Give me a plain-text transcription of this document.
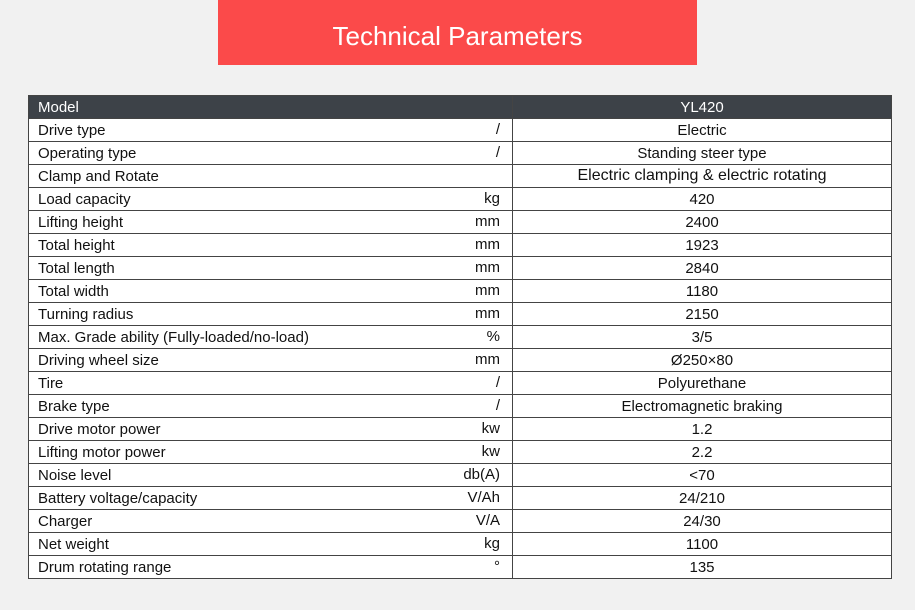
Technical Parameters
Model	YL420

Drive type /	Electric

Operating type /	Standing steer type

Clamp and Rotate	Electric clamping & electric rotating

Load capacity kg	420

Lifting height mm	2400

Total height mm	1923

Total length mm	2840

Total width mm	1180

Turning radius mm	2150

Max. Grade ability (Fully-loaded/no-load) %	3/5

Driving wheel size mm	Ø250×80

Tire /	Polyurethane

Brake type /	Electromagnetic braking

Drive motor power kw	1.2

Lifting motor power kw	2.2

Noise level db(A)	<70

Battery voltage/capacity V/Ah	24/210

Charger V/A	24/30

Net weight kg	1100

Drum rotating range °	135
